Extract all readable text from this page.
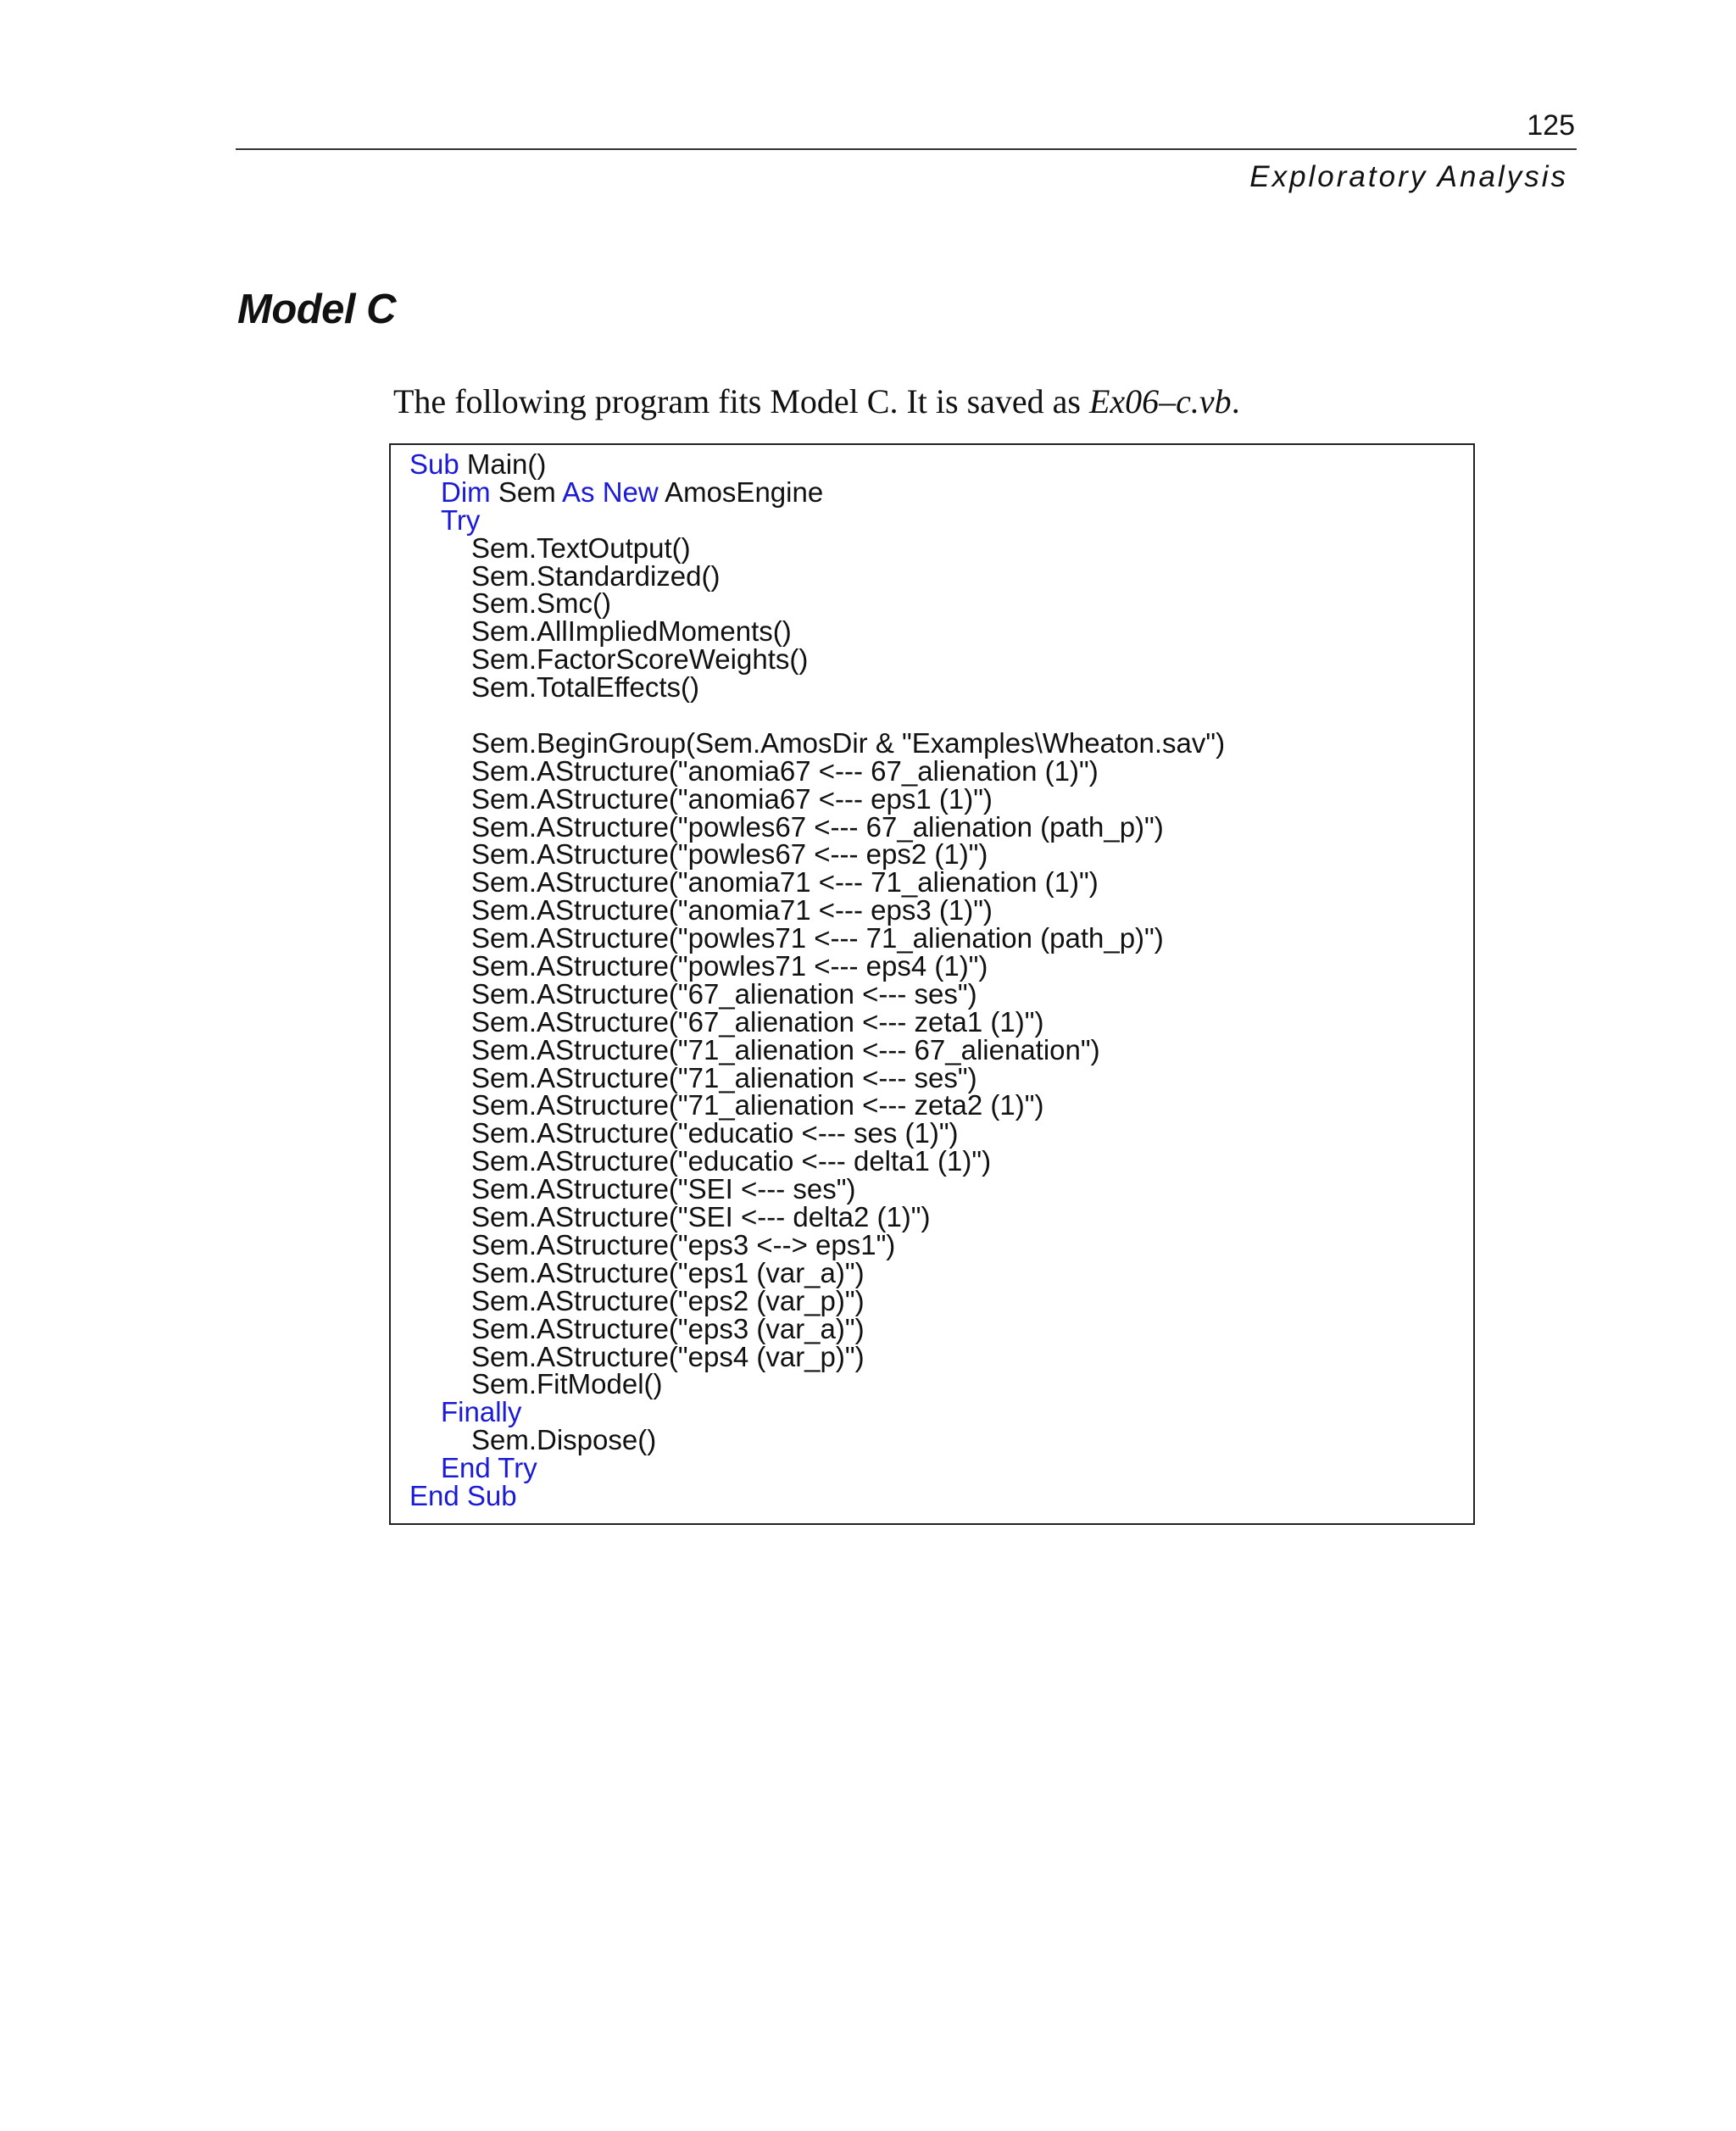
125
Exploratory Analysis
Model C

The following program fits Model C. It is saved as Ex06–c.vb.

Sub Main()
Dim Sem As New AmosEngine
Try
Sem.TextOutput()
Sem.Standardized()
Sem.Smc()
Sem.AllImpliedMoments()
Sem.FactorScoreWeights()
Sem.TotalEffects()
Sem.BeginGroup(Sem.AmosDir & "Examples\Wheaton.sav")
Sem.AStructure("anomia67 <--- 67_alienation (1)")
Sem.AStructure("anomia67 <--- eps1 (1)")
Sem.AStructure("powles67 <--- 67_alienation (path_p)")
Sem.AStructure("powles67 <--- eps2 (1)")
Sem.AStructure("anomia71 <--- 71_alienation (1)")
Sem.AStructure("anomia71 <--- eps3 (1)")
Sem.AStructure("powles71 <--- 71_alienation (path_p)")
Sem.AStructure("powles71 <--- eps4 (1)")
Sem.AStructure("67_alienation <--- ses")
Sem.AStructure("67_alienation <--- zeta1 (1)")
Sem.AStructure("71_alienation <--- 67_alienation")
Sem.AStructure("71_alienation <--- ses")
Sem.AStructure("71_alienation <--- zeta2 (1)")
Sem.AStructure("educatio <--- ses (1)")
Sem.AStructure("educatio <--- delta1 (1)")
Sem.AStructure("SEI <--- ses")
Sem.AStructure("SEI <--- delta2 (1)")
Sem.AStructure("eps3 <--> eps1")
Sem.AStructure("eps1 (var_a)")
Sem.AStructure("eps2 (var_p)")
Sem.AStructure("eps3 (var_a)")
Sem.AStructure("eps4 (var_p)")
Sem.FitModel()
Finally
Sem.Dispose()
End Try
End Sub
